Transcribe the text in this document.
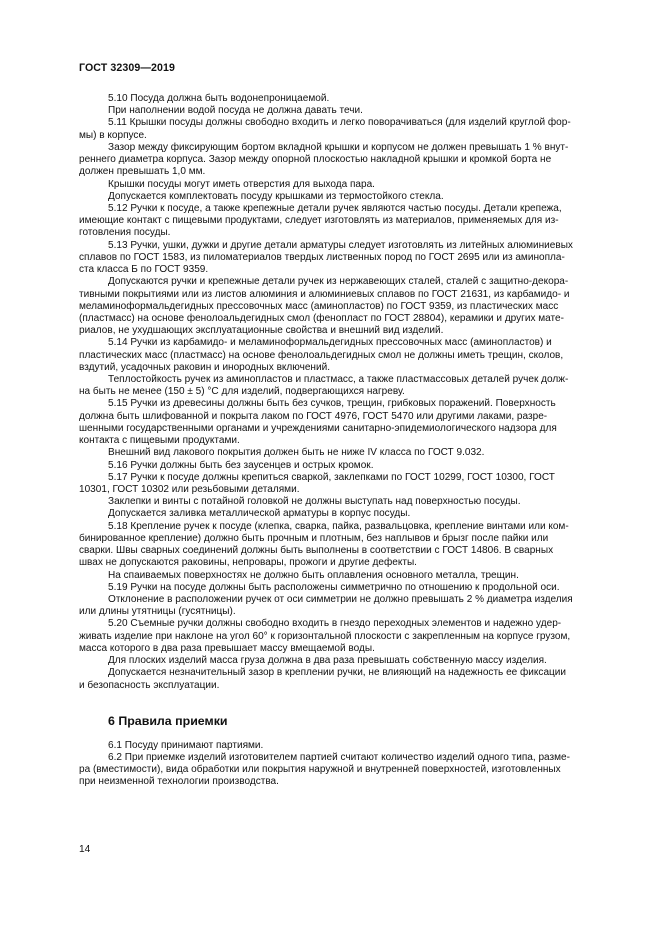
ГОСТ 32309—2019

5.10 Посуда должна быть водонепроницаемой.

При наполнении водой посуда не должна давать течи.

5.11 Крышки посуды должны свободно входить и легко поворачиваться (для изделий круглой фор-
мы) в корпусе.

Зазор между фиксирующим бортом вкладной крышки и корпусом не должен превышать 1 % внут-
реннего диаметра корпуса. Зазор между опорной плоскостью накладной крышки и кромкой борта не
должен превышать 1,0 мм.

Крышки посуды могут иметь отверстия для выхода пара.

Допускается комплектовать посуду крышками из термостойкого стекла.

5.12 Ручки к посуде, а также крепежные детали ручек являются частью посуды. Детали крепежа,
имеющие контакт с пищевыми продуктами, следует изготовлять из материалов, применяемых для из-
готовления посуды.

5.13 Ручки, ушки, дужки и другие детали арматуры следует изготовлять из литейных алюминиевых
сплавов по ГОСТ 1583, из пиломатериалов твердых лиственных пород по ГОСТ 2695 или из аминопла-
ста класса Б по ГОСТ 9359.

Допускаются ручки и крепежные детали ручек из нержавеющих сталей, сталей с защитно-декора-
тивными покрытиями или из листов алюминия и алюминиевых сплавов по ГОСТ 21631, из карбамидо- и
меламиноформальдегидных прессовочных масс (аминопластов) по ГОСТ 9359, из пластических масс
(пластмасс) на основе фенолоальдегидных смол (фенопласт по ГОСТ 28804), керамики и других мате-
риалов, не ухудшающих эксплуатационные свойства и внешний вид изделий.

5.14 Ручки из карбамидо- и меламиноформальдегидных прессовочных масс (аминопластов) и
пластических масс (пластмасс) на основе фенолоальдегидных смол не должны иметь трещин, сколов,
вздутий, усадочных раковин и инородных включений.

Теплостойкость ручек из аминопластов и пластмасс, а также пластмассовых деталей ручек долж-
на быть не менее (150 ± 5) °С для изделий, подвергающихся нагреву.

5.15 Ручки из древесины должны быть без сучков, трещин, грибковых поражений. Поверхность
должна быть шлифованной и покрыта лаком по ГОСТ 4976, ГОСТ 5470 или другими лаками, разре-
шенными государственными органами и учреждениями санитарно-эпидемиологического надзора для
контакта с пищевыми продуктами.

Внешний вид лакового покрытия должен быть не ниже IV класса по ГОСТ 9.032.

5.16 Ручки должны быть без заусенцев и острых кромок.

5.17 Ручки к посуде должны крепиться сваркой, заклепками по ГОСТ 10299, ГОСТ 10300, ГОСТ
10301, ГОСТ 10302 или резьбовыми деталями.

Заклепки и винты с потайной головкой не должны выступать над поверхностью посуды.

Допускается заливка металлической арматуры в корпус посуды.

5.18 Крепление ручек к посуде (клепка, сварка, пайка, развальцовка, крепление винтами или ком-
бинированное крепление) должно быть прочным и плотным, без наплывов и брызг после пайки или
сварки. Швы сварных соединений должны быть выполнены в соответствии с ГОСТ 14806. В сварных
швах не допускаются раковины, непровары, прожоги и другие дефекты.

На спаиваемых поверхностях не должно быть оплавления основного металла, трещин.

5.19 Ручки на посуде должны быть расположены симметрично по отношению к продольной оси.

Отклонение в расположении ручек от оси симметрии не должно превышать 2 % диаметра изделия
или длины утятницы (гусятницы).

5.20 Съемные ручки должны свободно входить в гнездо переходных элементов и надежно удер-
живать изделие при наклоне на угол 60° к горизонтальной плоскости с закрепленным на корпусе грузом,
масса которого в два раза превышает массу вмещаемой воды.

Для плоских изделий масса груза должна в два раза превышать собственную массу изделия.

Допускается незначительный зазор в креплении ручки, не влияющий на надежность ее фиксации
и безопасность эксплуатации.

6 Правила приемки

6.1 Посуду принимают партиями.

6.2 При приемке изделий изготовителем партией считают количество изделий одного типа, разме-
ра (вместимости), вида обработки или покрытия наружной и внутренней поверхностей, изготовленных
при неизменной технологии производства.

14
